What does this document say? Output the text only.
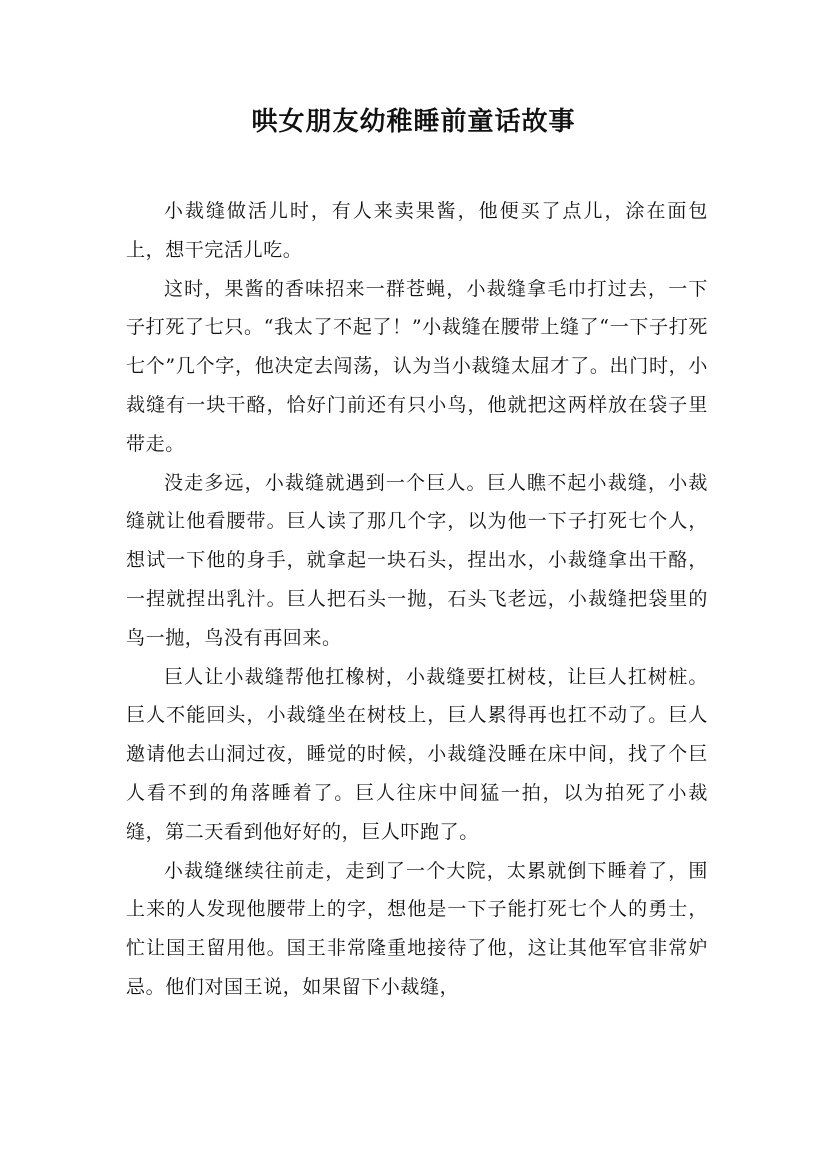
哄女朋友幼稚睡前童话故事

小裁缝做活儿时，有人来卖果酱，他便买了点儿，涂在面包上，想干完活儿吃。

这时，果酱的香味招来一群苍蝇，小裁缝拿毛巾打过去，一下子打死了七只。“我太了不起了！”小裁缝在腰带上缝了“一下子打死七个”几个字，他决定去闯荡，认为当小裁缝太屈才了。出门时，小裁缝有一块干酪，恰好门前还有只小鸟，他就把这两样放在袋子里带走。

没走多远，小裁缝就遇到一个巨人。巨人瞧不起小裁缝，小裁缝就让他看腰带。巨人读了那几个字，以为他一下子打死七个人，想试一下他的身手，就拿起一块石头，捏出水，小裁缝拿出干酪，一捏就捏出乳汁。巨人把石头一抛，石头飞老远，小裁缝把袋里的鸟一抛，鸟没有再回来。

巨人让小裁缝帮他扛橡树，小裁缝要扛树枝，让巨人扛树桩。巨人不能回头，小裁缝坐在树枝上，巨人累得再也扛不动了。巨人邀请他去山洞过夜，睡觉的时候，小裁缝没睡在床中间，找了个巨人看不到的角落睡着了。巨人往床中间猛一拍，以为拍死了小裁缝，第二天看到他好好的，巨人吓跑了。

小裁缝继续往前走，走到了一个大院，太累就倒下睡着了，围上来的人发现他腰带上的字，想他是一下子能打死七个人的勇士，忙让国王留用他。国王非常隆重地接待了他，这让其他军官非常妒忌。他们对国王说，如果留下小裁缝，
